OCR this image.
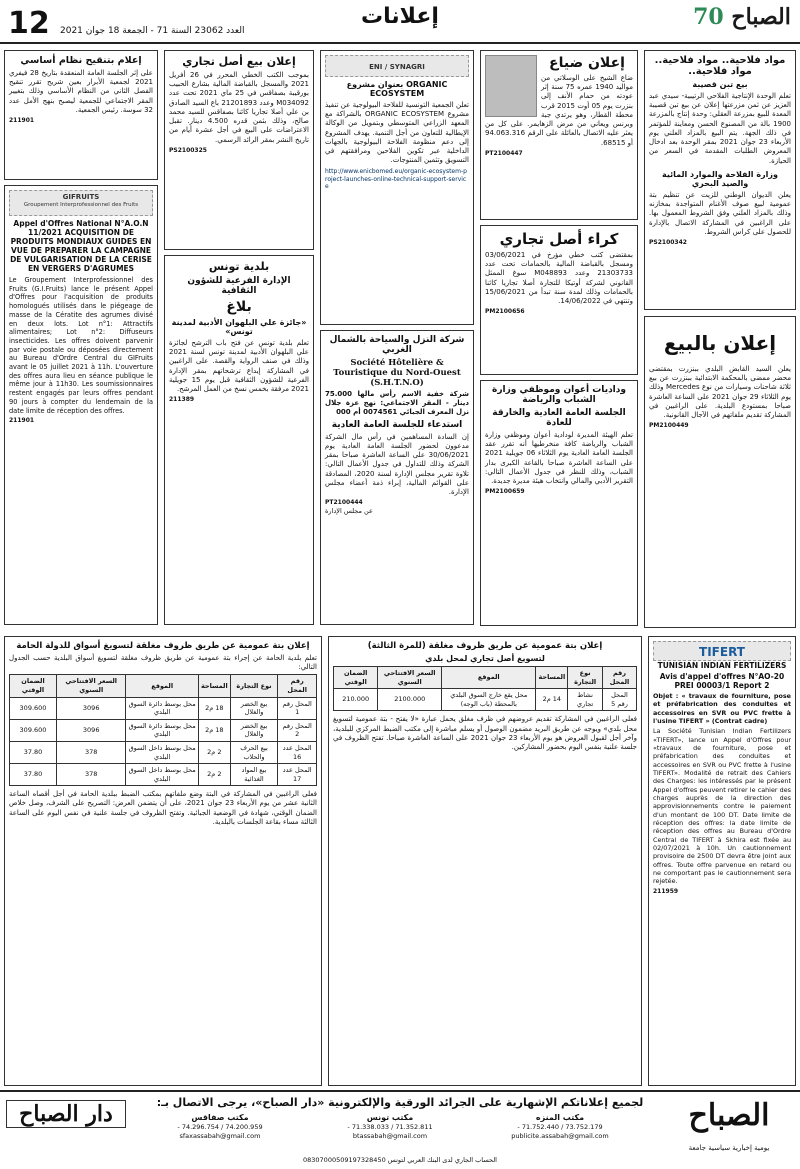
12 العدد 23062 السنة 71 - الجمعة 18 جوان 2021
إعلانات	70 الصباح
مواد فلاحية.. مواد فلاحية.. مواد فلاحية..
بيع تبن قصيبة

تعلم الوحدة الإنتاجية الفلاحي الرتيبية- سيدي عبد العزيز عن ثمن مزرعتها إعلان عن بيع تبن قصيبة المعدة للبيع بمزرعة العقلي: وحدة إنتاج بالمزرعة 1900 بالة من المصنوع الحسن ومعاينة للمؤتمر في ذلك الجهة. يتم البيع بالمزاد العلني يوم الأربعاء 23 جوان 2021 بمقر الوحدة بعد ادخال المعروض الطلبات المقدمة في السعر من الحيازة.

وزارة الفلاحة والموارد المائية والصيد البحري

يعلن الديوان الوطني للزيت عن تنظيم بتة عمومية لبيع صوف الأغنام المتواجدة بمخازنه وذلك بالمزاد العلني وفق الشروط المعمول بها. على الراغبين في المشاركة الاتصال بالإدارة للحصول على كراس الشروط.

PS2100342
إعلان بالبيع

يعلن السيد القابض البلدي ببنزرت بمقتضى محضر ممضى بالمحكمة الابتدائية ببنزرت عن بيع ثلاثة شاحنات وسيارات من نوع Mercedes وذلك يوم الثلاثاء 29 جوان 2021 على الساعة العاشرة صباحا بمستودع البلدية. على الراغبين في المشاركة تقديم ملفاتهم في الآجال القانونية.

PM2100449
إعلان ضياع

ضاع الشيخ على الوسلاتي من مواليد 1940 عمره 75 سنة إثر عودته من حمام الأنف إلى بنزرت يوم 05 أوت 2015 قرب محطة القطار، وهو يرتدي جبة وبرنس ويعاني من مرض الزهايمر. على كل من يعثر عليه الاتصال بالعائلة على الرقم 94.063.316 أو 68515.

PT2100447
كراء أصل تجاري

بمقتضى كتب خطي مؤرخ في 03/06/2021 ومسجل بالقباضة المالية بالحمامات تحت عدد 21303733 وعدد M048893 سوغ الممثل القانوني لشركة أوتيكا للتجارة أصلا تجاريا كائنا بالحمامات وذلك لمدة سنة تبدأ من 15/06/2021 وتنتهي في 14/06/2022.

PM2100656
وداديات أعوان وموظفي وزارة الشباب والرياضة
الجلسة العامة العادية والخارقة للعادة

تعلم الهيئة المديرة لودادية أعوان وموظفي وزارة الشباب والرياضة كافة منخرطيها أنه تقرر عقد الجلسة العامة العادية يوم الثلاثاء 06 جويلية 2021 على الساعة العاشرة صباحا بالقاعة الكبرى بدار الشباب، وذلك للنظر في جدول الأعمال التالي: التقرير الأدبي والمالي وانتخاب هيئة مديرة جديدة.

PM2100659
ENI / SYNAGRI
بعنوان مشروع ORGANIC ECOSYSTEM

تعلن الجمعية التونسية للفلاحة البيولوجية عن تنفيذ مشروع ORGANIC ECOSYSTEM بالشراكة مع المعهد الزراعي المتوسطي وبتمويل من الوكالة الإيطالية للتعاون من أجل التنمية. يهدف المشروع إلى دعم منظومة الفلاحة البيولوجية بالجهات الداخلية عبر تكوين الفلاحين ومرافقتهم في التسويق وتثمين المنتوجات.

http://www.enicbomed.eu/organic-ecosystem-project-launches-online-technical-support-service

شركة النزل والسياحة بالشمال الغربي
Société Hôtelière & Touristique du Nord-Ouest (S.H.T.N.O)

شركة خفية الاسم رأس مالها 75.000 دينار - المقر الاجتماعي: نهج عزة جلال نزل المعرف الجبائي 0074561 أم 000

استدعاء للجلسة العامة العادية

إن السادة المساهمين في رأس مال الشركة مدعوون لحضور الجلسة العامة العادية يوم 30/06/2021 على الساعة العاشرة صباحا بمقر الشركة وذلك للتداول في جدول الأعمال التالي: تلاوة تقرير مجلس الإدارة لسنة 2020، المصادقة على القوائم المالية، إبراء ذمة أعضاء مجلس الإدارة.

PT2100444

عن مجلس الإدارة

إعلان بيع أصل تجاري

بموجب الكتب الخطي المحرر في 26 أفريل 2021 والمسجل بالقباضة المالية بشارع الحبيب بورقيبة بصفاقس في 25 ماي 2021 تحت عدد M034092 وعدد 21201893 باع السيد الصادق بن علي أصلا تجاريا كائنا بصفاقس للسيد محمد صالح، وذلك بثمن قدره 4.500 دينار. تقبل الاعتراضات على البيع في أجل عشرة أيام من تاريخ النشر بمقر الرائد الرسمي.

PS2100325
بلدية تونس
الإدارة الفرعية للشؤون الثقافية
بلاغ
«جائزة علي البلهوان الأدبية لمدينة تونس»

تعلم بلدية تونس عن فتح باب الترشح لجائزة علي البلهوان الأدبية لمدينة تونس لسنة 2021 وذلك في صنف الرواية والقصة. على الراغبين في المشاركة إيداع ترشحاتهم بمقر الإدارة الفرعية للشؤون الثقافية قبل يوم 15 جويلية 2021 مرفقة بخمس نسخ من العمل المرشح.

211389
إعلام بتنقيح نظام أساسي

على إثر الجلسة العامة المنعقدة بتاريخ 28 فيفري 2021 لجمعية الأبرار بعين شريح تقرر تنقيح الفصل الثاني من النظام الأساسي وذلك بتغيير المقر الاجتماعي للجمعية ليصبح بنهج الأمل عدد 32 سوسة. رئيس الجمعية.

211901
GIFRUITS
Groupement Interprofessionnel des Fruits
Appel d'Offres National N°A.O.N 11/2021 ACQUISITION DE PRODUITS MONDIAUX GUIDES EN VUE DE PREPARER LA CAMPAGNE DE VULGARISATION DE LA CERISE EN VERGERS D'AGRUMES

Le Groupement Interprofessionnel des Fruits (G.I.Fruits) lance le présent Appel d'Offres pour l'acquisition de produits homologués utilisés dans le piégeage de masse de la Cératite des agrumes divisé en deux lots. Lot n°1: Attractifs alimentaires; Lot n°2: Diffuseurs insecticides. Les offres doivent parvenir par voie postale ou déposées directement au Bureau d'Ordre Central du GIFruits avant le 05 juillet 2021 à 11h. L'ouverture des offres aura lieu en séance publique le même jour à 11h30. Les soumissionnaires restent engagés par leurs offres pendant 90 jours à compter du lendemain de la date limite de réception des offres.

211901
إعلان بتة عمومية عن طريق ظروف مغلقة لتسويغ أسواق للدولة الحامة

تعلم بلدية الحامة عن إجراء بتة عمومية عن طريق ظروف مغلقة لتسويغ أسواق البلدية حسب الجدول التالي:

رقم المحل	نوع التجارة	المساحة	الموقع	السعر الافتتاحي السنوي	الضمان الوقتي
المحل رقم 1	بيع الخضر والغلال	18 م2	محل بوسط دائرة السوق البلدي	3096	309.600
المحل رقم 2	بيع الخضر والغلال	18 م2	محل بوسط دائرة السوق البلدي	3096	309.600
المحل عدد 16	بيع الحرف والحلاب	2 م2	محل بوسط داخل السوق البلدي	378	37.80
المحل عدد 17	بيع المواد الغذائية	2 م2	محل بوسط داخل السوق البلدي	378	37.80

فعلى الراغبين في المشاركة في البتة وضع ملفاتهم بمكتب الضبط ببلدية الحامة في أجل أقصاه الساعة الثانية عشر من يوم الأربعاء 23 جوان 2021، على أن يتضمن العرض: التصريح على الشرف، وصل خلاص الضمان الوقتي، شهادة في الوضعية الجبائية. وتفتح الظروف في جلسة علنية في نفس اليوم على الساعة الثالثة مساء بقاعة الجلسات بالبلدية.

إعلان بتة عمومية عن طريق ظروف مغلقة (للمرة الثالثة)
لتسويغ أصل تجاري لمحل بلدي
رقم المحل	نوع التجارة	المساحة	الموقع	السعر الافتتاحي السنوي	الضمان الوقتي
المحل رقم 5	نشاط تجاري	14 م2	محل يقع خارج السوق البلدي بالمحطة (باب الوجه)	2100.000	210.000

فعلى الراغبين في المشاركة تقديم عروضهم في ظرف مغلق يحمل عبارة «لا يفتح - بتة عمومية لتسويغ محل بلدي» ويوجه عن طريق البريد مضمون الوصول أو يسلم مباشرة إلى مكتب الضبط المركزي للبلدية، وآخر أجل لقبول العروض هو يوم الأربعاء 23 جوان 2021 على الساعة العاشرة صباحا. تفتح الظروف في جلسة علنية بنفس اليوم بحضور المشاركين.

TIFERT
TUNISIAN INDIAN FERTILIZERS
Avis d'appel d'offres N°AO-20 PREI 00003/1 Report 2

Objet : « travaux de fourniture, pose et préfabrication des conduites et accessoires en SVR ou PVC frette à l'usine TIFERT » (Contrat cadre)

La Société Tunisian Indian Fertilizers «TIFERT», lance un Appel d'Offres pour «travaux de fourniture, pose et préfabrication des conduites et accessoires en SVR ou PVC frette à l'usine TIFERT». Modalité de retrait des Cahiers des Charges: les intéressés par le présent Appel d'offres peuvent retirer le cahier des charges auprès de la direction des approvisionnements contre le paiement d'un montant de 100 DT. Date limite de réception des offres: la date limite de réception des offres au Bureau d'Ordre Central de TIFERT à Skhira est fixée au 02/07/2021 à 10h. Un cautionnement provisoire de 2500 DT devra être joint aux offres. Toute offre parvenue en retard ou ne comportant pas le cautionnement sera rejetée.

211959
لجميع إعلاناتكم الإشهارية على الجرائد الورقية والإلكترونية «دار الصباح»، يرجى الاتصال بـ:	الصباح
يومية إخبارية سياسية جامعة
مكتب المنزه
73.752.179 / 71.752.440 - publicite.assabah@gmail.com
مكتب تونس
71.352.811 / 71.338.033 - btassabah@gmail.com
مكتب صفاقس
74.200.959 / 74.296.754 - sfaxassabah@gmail.com
دار الصباح
الحساب الجاري لدى البنك العربي لتونس 08307000509197328450
